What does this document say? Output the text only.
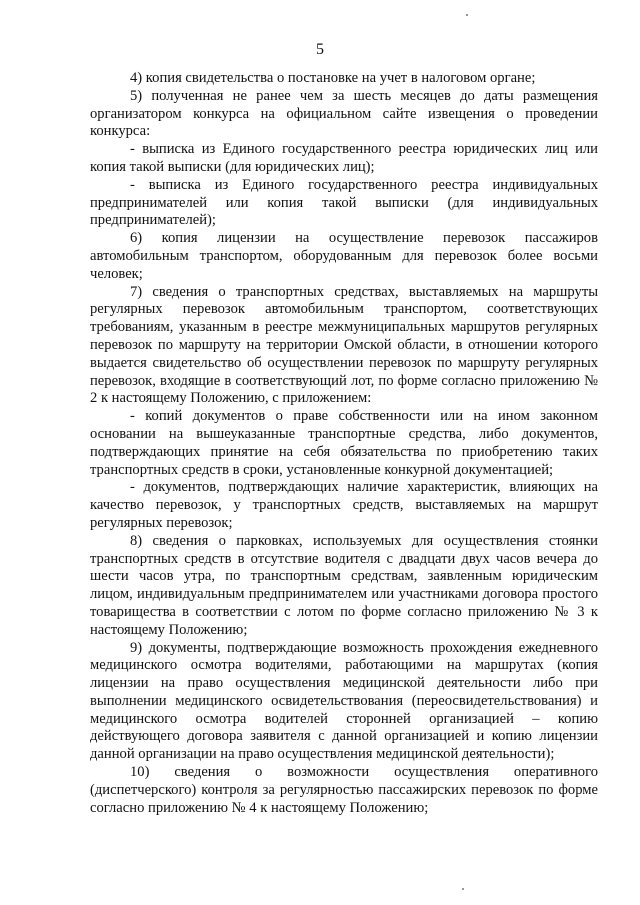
5

4) копия свидетельства о постановке на учет в налоговом органе;

5) полученная не ранее чем за шесть месяцев до даты размещения организатором конкурса на официальном сайте извещения о проведении конкурса:

- выписка из Единого государственного реестра юридических лиц или копия такой выписки (для юридических лиц);

- выписка из Единого государственного реестра индивидуальных предпринимателей или копия такой выписки (для индивидуальных предпринимателей);

6) копия лицензии на осуществление перевозок пассажиров автомобильным транспортом, оборудованным для перевозок более восьми человек;

7) сведения о транспортных средствах, выставляемых на маршруты регулярных перевозок автомобильным транспортом, соответствующих требованиям, указанным в реестре межмуниципальных маршрутов регулярных перевозок по маршруту на территории Омской области, в отношении которого выдается свидетельство об осуществлении перевозок по маршруту регулярных перевозок, входящие в соответствующий лот, по форме согласно приложению № 2 к настоящему Положению, с приложением:

- копий документов о праве собственности или на ином законном основании на вышеуказанные транспортные средства, либо документов, подтверждающих принятие на себя обязательства по приобретению таких транспортных средств в сроки, установленные конкурной документацией;

- документов, подтверждающих наличие характеристик, влияющих на качество перевозок, у транспортных средств, выставляемых на маршрут регулярных перевозок;

8) сведения о парковках, используемых для осуществления стоянки транспортных средств в отсутствие водителя с двадцати двух часов вечера до шести часов утра, по транспортным средствам, заявленным юридическим лицом, индивидуальным предпринимателем или участниками договора простого товарищества в соответствии с лотом по форме согласно приложению № 3 к настоящему Положению;

9) документы, подтверждающие возможность прохождения ежедневного медицинского осмотра водителями, работающими на маршрутах (копия лицензии на право осуществления медицинской деятельности либо при выполнении медицинского освидетельствования (переосвидетельствования) и медицинского осмотра водителей сторонней организацией – копию действующего договора заявителя с данной организацией и копию лицензии данной организации на право осуществления медицинской деятельности);

10) сведения о возможности осуществления оперативного (диспетчерского) контроля за регулярностью пассажирских перевозок по форме согласно приложению № 4 к настоящему Положению;
